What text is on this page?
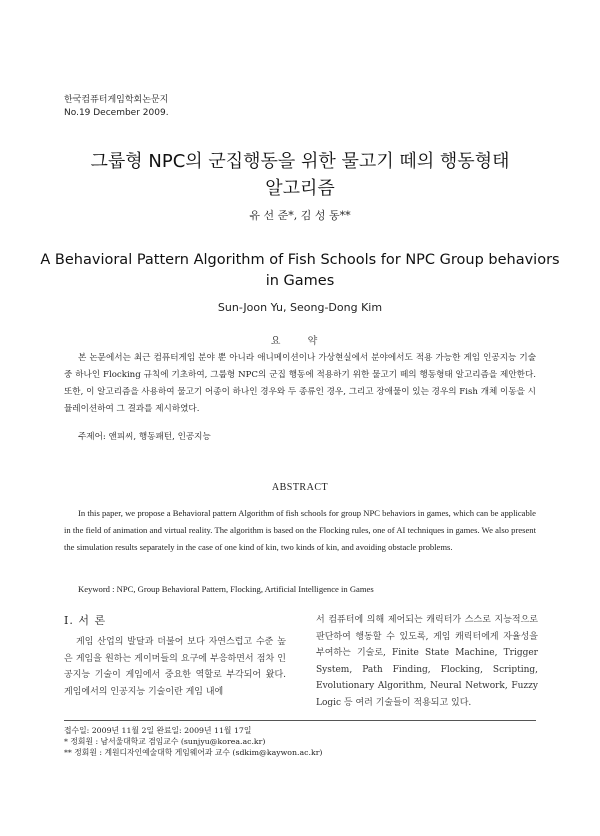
한국컴퓨터게임학회논문지
No.19 December 2009.
그룹형 NPC의 군집행동을 위한 물고기 떼의 행동형태
알고리즘
유 선 준*, 김 성 동**
A Behavioral Pattern Algorithm of Fish Schools for NPC Group behaviors
in Games
Sun-Joon Yu, Seong-Dong Kim
요 약

본 논문에서는 최근 컴퓨터게임 분야 뿐 아니라 애니메이션이나 가상현실에서 분야에서도 적용 가능한 게임 인공지능 기술 중 하나인 Flocking 규칙에 기초하여, 그룹형 NPC의 군집 행동에 적용하기 위한 물고기 떼의 행동형태 알고리즘을 제안한다. 또한, 이 알고리즘을 사용하여 물고기 어종이 하나인 경우와 두 종류인 경우, 그리고 장애물이 있는 경우의 Fish 개체 이동을 시뮬레이션하여 그 결과를 제시하였다.

주제어: 앤피씨, 행동패턴, 인공지능
ABSTRACT

In this paper, we propose a Behavioral pattern Algorithm of fish schools for group NPC behaviors in games, which can be applicable in the field of animation and virtual reality. The algorithm is based on the Flocking rules, one of AI techniques in games. We also present the simulation results separately in the case of one kind of kin, two kinds of kin, and avoiding obstacle problems.

Keyword : NPC, Group Behavioral Pattern, Flocking, Artificial Intelligence in Games
Ⅰ. 서 론

게임 산업의 발달과 더불어 보다 자연스럽고 수준 높은 게임을 원하는 게이머들의 요구에 부응하면서 점차 인공지능 기술이 게임에서 중요한 역할로 부각되어 왔다. 게임에서의 인공지능 기술이란 게임 내에

서 컴퓨터에 의해 제어되는 캐릭터가 스스로 지능적으로 판단하여 행동할 수 있도록, 게임 캐릭터에게 자율성을 부여하는 기술로, Finite State Machine, Trigger System, Path Finding, Flocking, Scripting, Evolutionary Algorithm, Neural Network, Fuzzy Logic 등 여러 기술들이 적용되고 있다.

접수일: 2009년 11월 2일 완료일: 2009년 11월 17일
* 정회원 : 남서울대학교 겸임교수 (sunjyu@korea.ac.kr)
** 정회원 : 계원디자인예술대학 게임웨어과 교수 (sdkim@kaywon.ac.kr)
